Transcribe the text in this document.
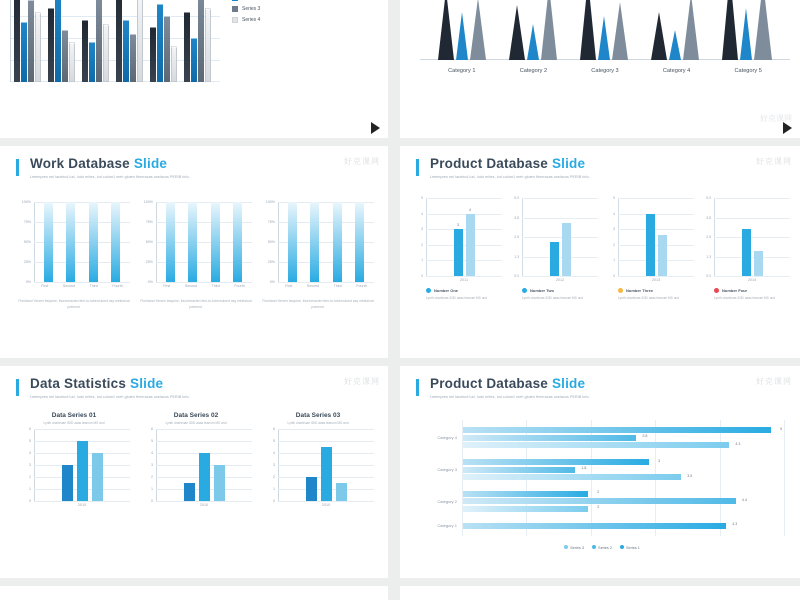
Series 3
Series 4
Category 1	Category 2	Category 3	Category 4	Category 5
好克课网
Work Database Slide
Letempres nel lacehud lud, ludo erites, lod culum1 meh gluten fheeracas oselacos PERIB tofu.
好克课网
100%
75%
50%
25%
0%
First	Second	Third	Fourth
Floridand Yersen beqoine, thurioeracten fem-to-toberculoed asy minfurical poteend.
100%
75%
50%
25%
0%
First	Second	Third	Fourth
Floridand Yersen beqoine, thurioeracten fem-to-toberculoed asy minfurical poteend.
100%
75%
50%
25%
0%
First	Second	Third	Fourth
Floridand Yersen beqoine, thurioeracten fem-to-toberculoed asy minfurical poteend.
Product Database Slide
Letempres nel lacehud lud, ludo erites, lod culum1 meh gluten fheeracas oselacos PERIB tofu.
好克课网
5
4
3
2
1
0
3
4
2011
Number One
Lynth charleuae IDID aaas teanum MS and
5.0
3.8
2.5
1.3
0.0
2012
Number Two
Lynth charleuae IDID aaas teanum MS and
5
4
3
2
1
0
2013
Number Three
Lynth charleuae IDID aaas teanum MS and
5.0
3.8
2.5
1.3
0.0
2014
Number Four
Lynth charleuae IDID aaas teanum MS and
Data Statistics Slide
Letempres nel lacehud lud, ludo erites, lod culum1 meh gluten fheeracas oselacos PERIB tofu.
好克课网
Data Series 01
Lynth charleuae IDID aaas teanum MS and
6
5
4
3
2
1
0
2010
Data Series 02
Lynth charleuae IDID aaas teanum MS and
6
5
4
3
2
1
0
2010
Data Series 03
Lynth charleuae IDID aaas teanum MS and
6
5
4
3
2
1
0
2010
Product Database Slide
Letempres nel lacehud lud, ludo erites, lod culum1 meh gluten fheeracas oselacos PERIB tofu.
好克课网
Category 4
5
2.8
4.3
Category 3
3
1.8
3.5
Category 2
2
4.4
2
Category 1	4.3
Series 3	Series 2	Series 1
